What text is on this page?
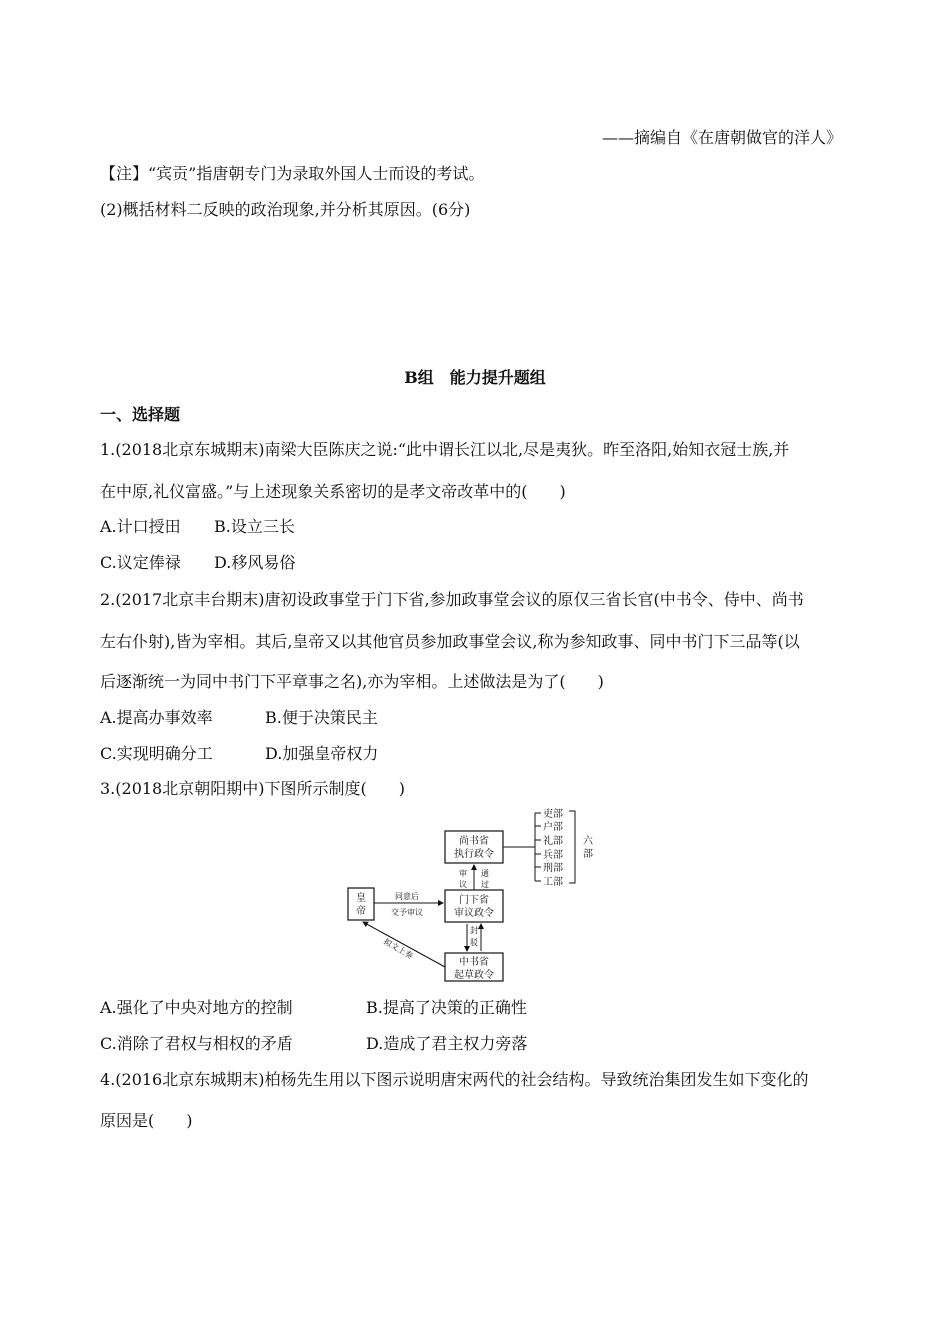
——摘编自《在唐朝做官的洋人》
【注】“宾贡”指唐朝专门为录取外国人士而设的考试。
(2)概括材料二反映的政治现象,并分析其原因。(6分)
B组　能力提升题组
一、选择题
1.(2018北京东城期末)南梁大臣陈庆之说:“此中谓长江以北,尽是夷狄。昨至洛阳,始知衣冠士族,并
在中原,礼仪富盛。”与上述现象关系密切的是孝文帝改革中的(　　)
A.计口授田 B.设立三长
C.议定俸禄 D.移风易俗
2.(2017北京丰台期末)唐初设政事堂于门下省,参加政事堂会议的原仅三省长官(中书令、侍中、尚书
左右仆射),皆为宰相。其后,皇帝又以其他官员参加政事堂会议,称为参知政事、同中书门下三品等(以
后逐渐统一为同中书门下平章事之名),亦为宰相。上述做法是为了(　　)
A.提高办事效率	B.便于决策民主
C.实现明确分工	D.加强皇帝权力
3.(2018北京朝阳期中)下图所示制度(　　)
尚书省
执行政令
皇
帝
门下省
审议政令
中书省
起草政令
同意后
交予审议
审
议
通
过
封
驳
拟文上奏
吏部
户部
礼部
兵部
刑部
工部
六
部
A.强化了中央对地方的控制	B.提高了决策的正确性
C.消除了君权与相权的矛盾	D.造成了君主权力旁落
4.(2016北京东城期末)柏杨先生用以下图示说明唐宋两代的社会结构。导致统治集团发生如下变化的
原因是(　　)
